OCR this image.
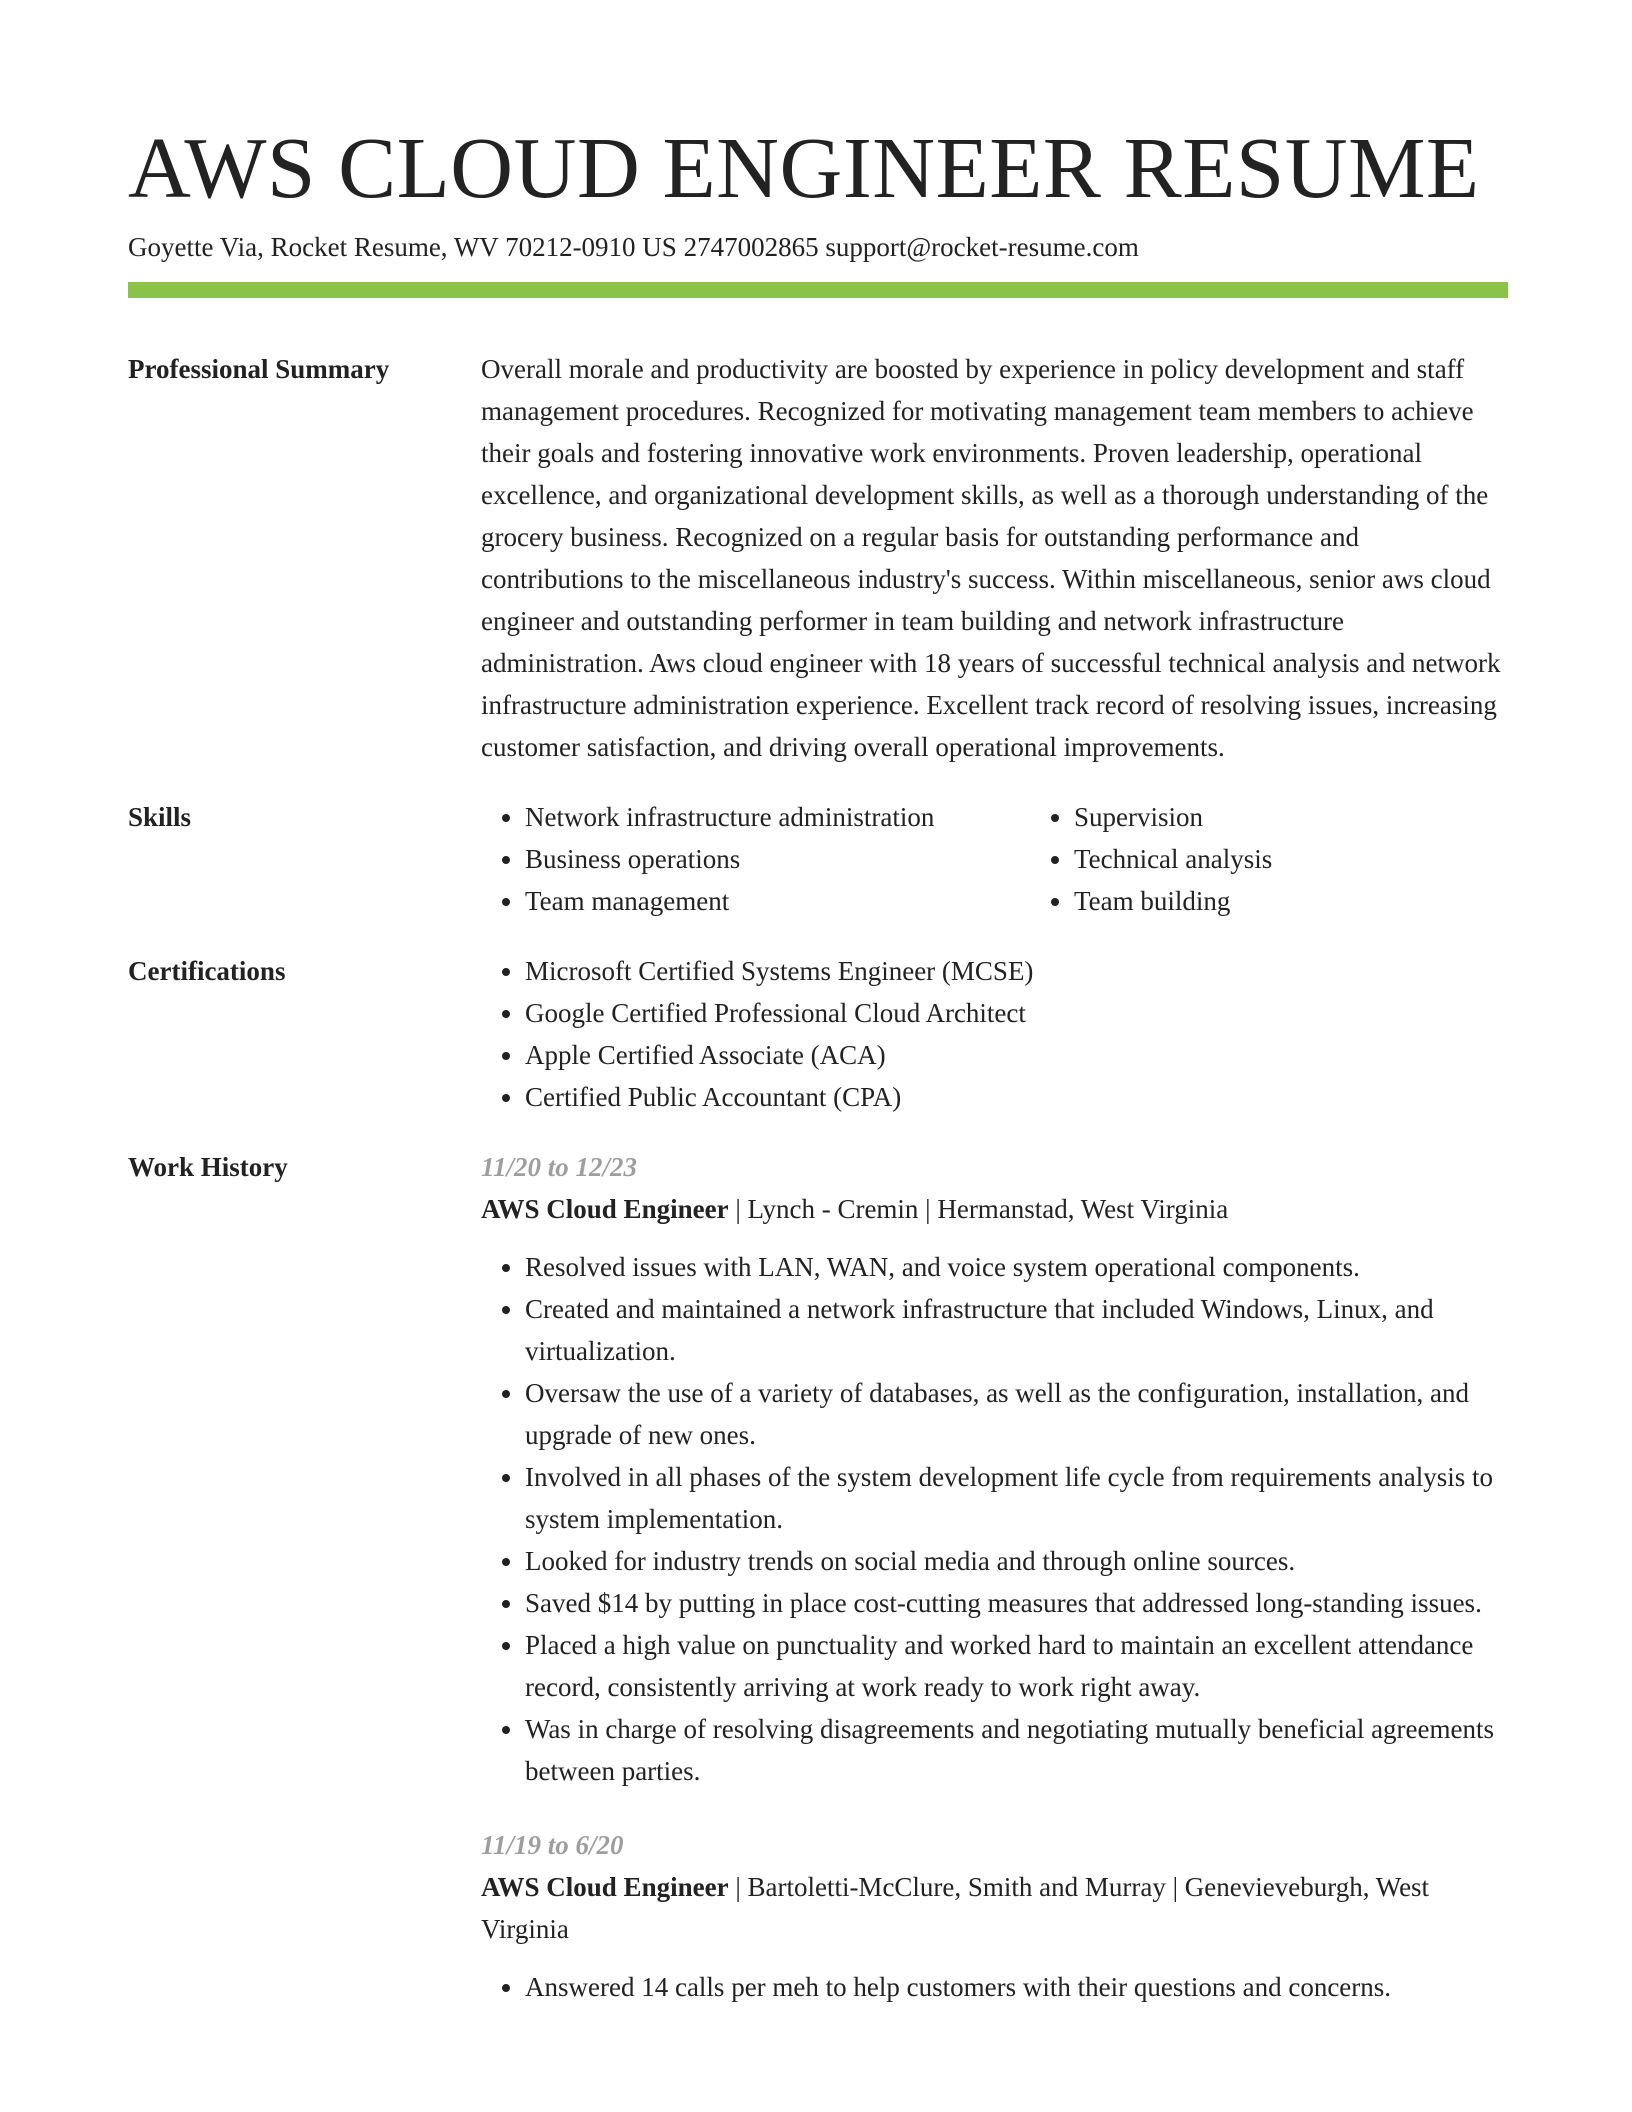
AWS CLOUD ENGINEER RESUME
Goyette Via, Rocket Resume, WV 70212-0910 US 2747002865 support@rocket-resume.com
Professional Summary	Overall morale and productivity are boosted by experience in policy development and staff management procedures. Recognized for motivating management team members to achieve their goals and fostering innovative work environments. Proven leadership, operational excellence, and organizational development skills, as well as a thorough understanding of the grocery business. Recognized on a regular basis for outstanding performance and contributions to the miscellaneous industry's success. Within miscellaneous, senior aws cloud engineer and outstanding performer in team building and network infrastructure administration. Aws cloud engineer with 18 years of successful technical analysis and network infrastructure administration experience. Excellent track record of resolving issues, increasing customer satisfaction, and driving overall operational improvements.

Skills	• Network infrastructure administration
• Business operations
• Team management
• Supervision
• Technical analysis
• Team building
Certifications	• Microsoft Certified Systems Engineer (MCSE)
• Google Certified Professional Cloud Architect
• Apple Certified Associate (ACA)
• Certified Public Accountant (CPA)
Work History	11/20 to 12/23

AWS Cloud Engineer | Lynch - Cremin | Hermanstad, West Virginia

• Resolved issues with LAN, WAN, and voice system operational components.
• Created and maintained a network infrastructure that included Windows, Linux, and virtualization.
• Oversaw the use of a variety of databases, as well as the configuration, installation, and upgrade of new ones.
• Involved in all phases of the system development life cycle from requirements analysis to system implementation.
• Looked for industry trends on social media and through online sources.
• Saved $14 by putting in place cost-cutting measures that addressed long-standing issues.
• Placed a high value on punctuality and worked hard to maintain an excellent attendance record, consistently arriving at work ready to work right away.
• Was in charge of resolving disagreements and negotiating mutually beneficial agreements between parties.
11/19 to 6/20

AWS Cloud Engineer | Bartoletti-McClure, Smith and Murray | Genevieveburgh, West Virginia

• Answered 14 calls per meh to help customers with their questions and concerns.
